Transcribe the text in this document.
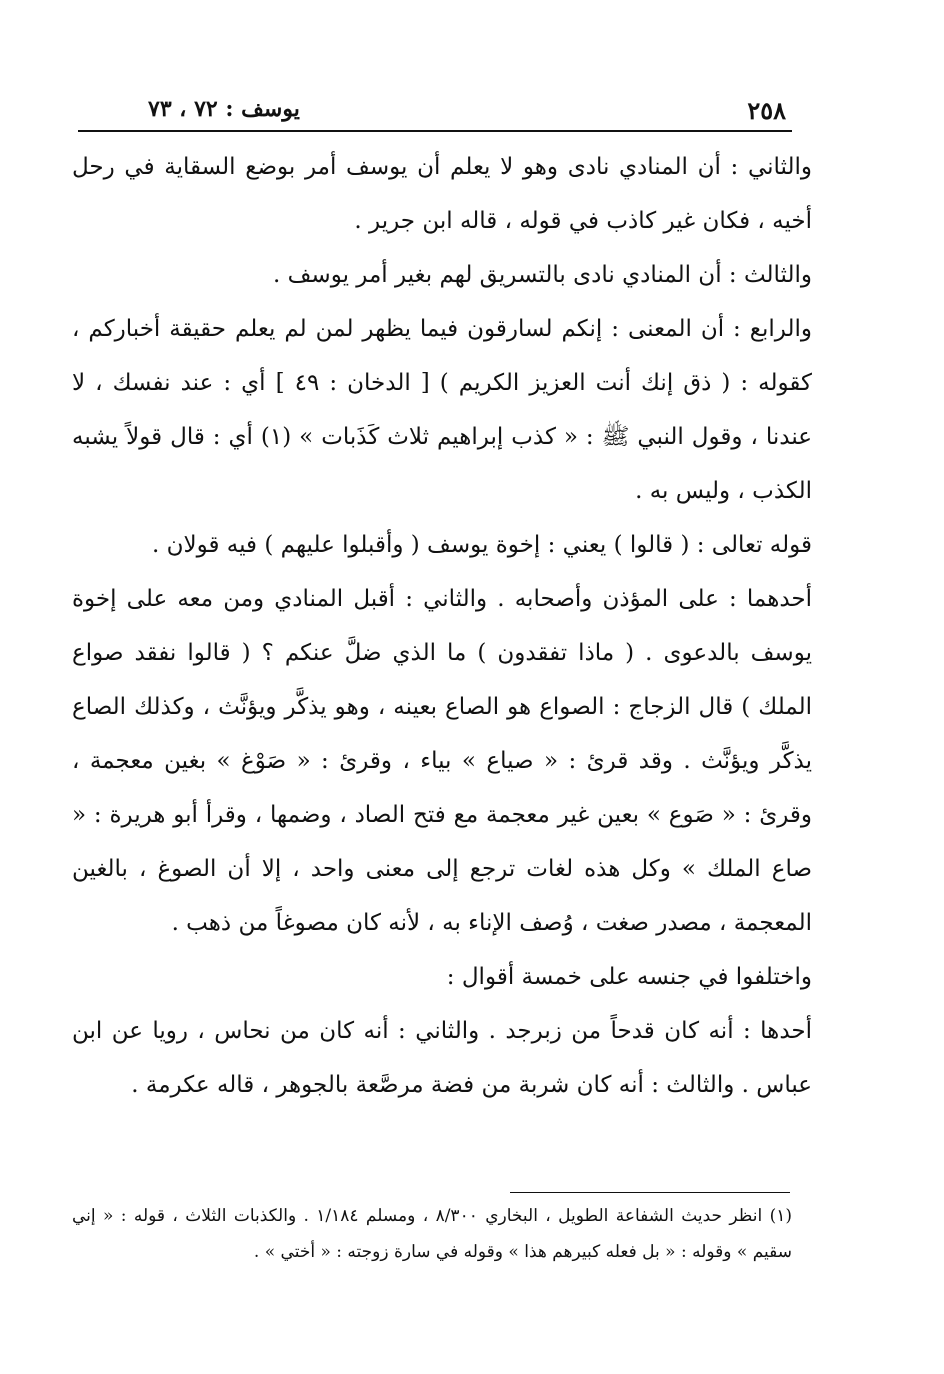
٢٥٨
يوسف : ٧٢ ، ٧٣

والثاني : أن المنادي نادى وهو لا يعلم أن يوسف أمر بوضع السقاية في رحل أخيه ، فكان غير كاذب في قوله ، قاله ابن جرير .

والثالث : أن المنادي نادى بالتسريق لهم بغير أمر يوسف .

والرابع : أن المعنى : إنكم لسارقون فيما يظهر لمن لم يعلم حقيقة أخباركم ، كقوله : ( ذق إنك أنت العزيز الكريم ) [ الدخان : ٤٩ ] أي : عند نفسك ، لا عندنا ، وقول النبي ﷺ : « كذب إبراهيم ثلاث كَذَبات » (١) أي : قال قولاً يشبه الكذب ، وليس به .

قوله تعالى : ( قالوا ) يعني : إخوة يوسف ( وأقبلوا عليهم ) فيه قولان .

أحدهما : على المؤذن وأصحابه . والثاني : أقبل المنادي ومن معه على إخوة يوسف بالدعوى . ( ماذا تفقدون ) ما الذي ضلَّ عنكم ؟ ( قالوا نفقد صواع الملك ) قال الزجاج : الصواع هو الصاع بعينه ، وهو يذكَّر ويؤنَّث ، وكذلك الصاع يذكَّر ويؤنَّث . وقد قرئ : « صياع » بياء ، وقرئ : « صَوْغ » بغين معجمة ، وقرئ : « صَوع » بعين غير معجمة مع فتح الصاد ، وضمها ، وقرأ أبو هريرة : « صاع الملك » وكل هذه لغات ترجع إلى معنى واحد ، إلا أن الصوغ ، بالغين المعجمة ، مصدر صغت ، وُصف الإناء به ، لأنه كان مصوغاً من ذهب .

واختلفوا في جنسه على خمسة أقوال :

أحدها : أنه كان قدحاً من زبرجد . والثاني : أنه كان من نحاس ، رويا عن ابن عباس . والثالث : أنه كان شربة من فضة مرصَّعة بالجوهر ، قاله عكرمة .

(١) انظر حديث الشفاعة الطويل ، البخاري ٨/٣٠٠ ، ومسلم ١/١٨٤ . والكذبات الثلاث ، قوله : « إني سقيم » وقوله : « بل فعله كبيرهم هذا » وقوله في سارة زوجته : « أختي » .
